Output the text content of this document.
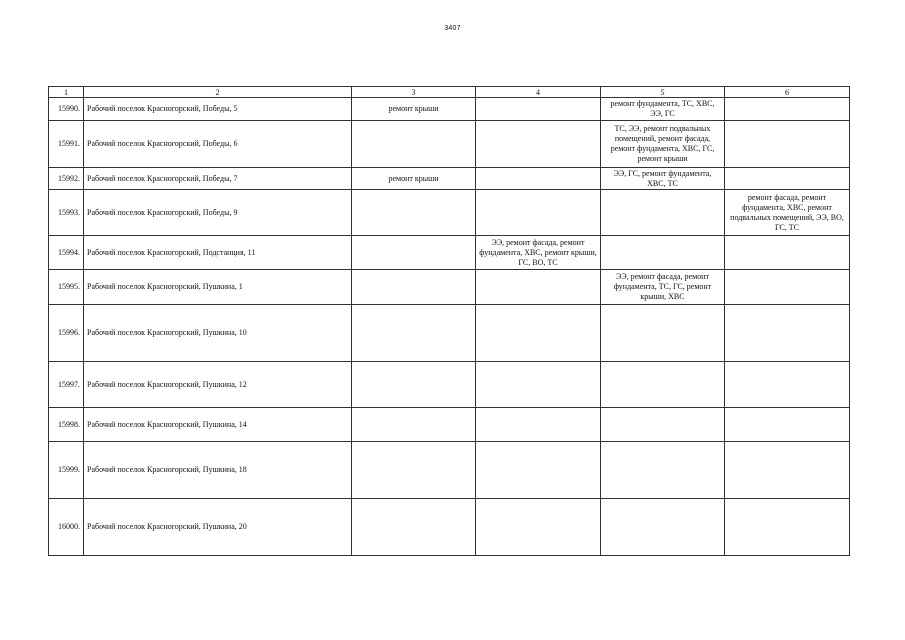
3407
1	2	3	4	5	6
15990.	Рабочий поселок Красногорский, Победы, 5	ремонт крыши		ремонт фундамента, ТС, ХВС, ЭЭ, ГС	
15991.	Рабочий поселок Красногорский, Победы, 6			ТС, ЭЭ, ремонт подвальных помещений, ремонт фасада, ремонт фундамента, ХВС, ГС, ремонт крыши	
15992.	Рабочий поселок Красногорский, Победы, 7	ремонт крыши		ЭЭ, ГС, ремонт фундамента, ХВС, ТС	
15993.	Рабочий поселок Красногорский, Победы, 9				ремонт фасада, ремонт фундамента, ХВС, ремонт подвальных помещений, ЭЭ, ВО, ГС, ТС
15994.	Рабочий поселок Красногорский, Подстанция, 11		ЭЭ, ремонт фасада, ремонт фундамента, ХВС, ремонт крыши, ГС, ВО, ТС		
15995.	Рабочий поселок Красногорский, Пушкина, 1			ЭЭ, ремонт фасада, ремонт фундамента, ТС, ГС, ремонт крыши, ХВС	
15996.	Рабочий поселок Красногорский, Пушкина, 10				
15997.	Рабочий поселок Красногорский, Пушкина, 12				
15998.	Рабочий поселок Красногорский, Пушкина, 14				
15999.	Рабочий поселок Красногорский, Пушкина, 18				
16000.	Рабочий поселок Красногорский, Пушкина, 20				
